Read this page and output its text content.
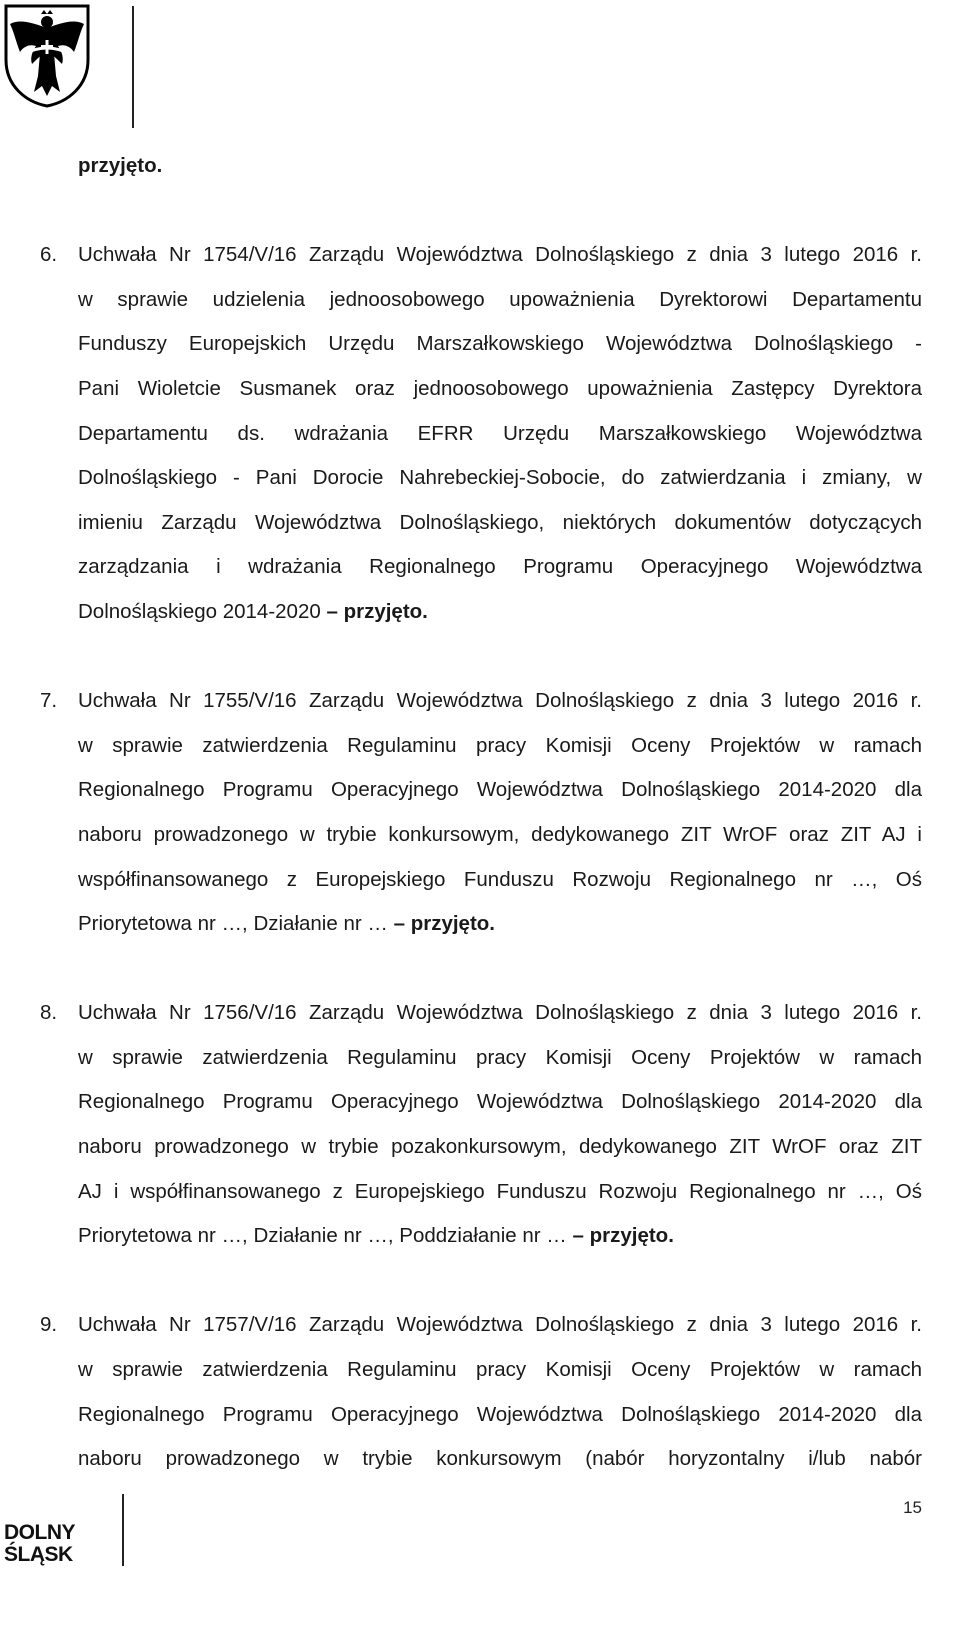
przyjęto.
6.	Uchwała Nr 1754/V/16 Zarządu Województwa Dolnośląskiego z dnia 3 lutego 2016 r.
w sprawie udzielenia jednoosobowego upoważnienia Dyrektorowi Departamentu
Funduszy Europejskich Urzędu Marszałkowskiego Województwa Dolnośląskiego -
Pani Wioletcie Susmanek oraz jednoosobowego upoważnienia Zastępcy Dyrektora
Departamentu ds. wdrażania EFRR Urzędu Marszałkowskiego Województwa
Dolnośląskiego - Pani Dorocie Nahrebeckiej-Sobocie, do zatwierdzania i zmiany, w
imieniu Zarządu Województwa Dolnośląskiego, niektórych dokumentów dotyczących
zarządzania i wdrażania Regionalnego Programu Operacyjnego Województwa
Dolnośląskiego 2014-2020 – przyjęto.
7.	Uchwała Nr 1755/V/16 Zarządu Województwa Dolnośląskiego z dnia 3 lutego 2016 r.
w sprawie zatwierdzenia Regulaminu pracy Komisji Oceny Projektów w ramach
Regionalnego Programu Operacyjnego Województwa Dolnośląskiego 2014-2020 dla
naboru prowadzonego w trybie konkursowym, dedykowanego ZIT WrOF oraz ZIT AJ i
współfinansowanego z Europejskiego Funduszu Rozwoju Regionalnego nr …, Oś
Priorytetowa nr …, Działanie nr … – przyjęto.
8.	Uchwała Nr 1756/V/16 Zarządu Województwa Dolnośląskiego z dnia 3 lutego 2016 r.
w sprawie zatwierdzenia Regulaminu pracy Komisji Oceny Projektów w ramach
Regionalnego Programu Operacyjnego Województwa Dolnośląskiego 2014-2020 dla
naboru prowadzonego w trybie pozakonkursowym, dedykowanego ZIT WrOF oraz ZIT
AJ i współfinansowanego z Europejskiego Funduszu Rozwoju Regionalnego nr …, Oś
Priorytetowa nr …, Działanie nr …, Poddziałanie nr … – przyjęto.
9.	Uchwała Nr 1757/V/16 Zarządu Województwa Dolnośląskiego z dnia 3 lutego 2016 r.
w sprawie zatwierdzenia Regulaminu pracy Komisji Oceny Projektów w ramach
Regionalnego Programu Operacyjnego Województwa Dolnośląskiego 2014-2020 dla
naboru prowadzonego w trybie konkursowym (nabór horyzontalny i/lub nabór
DOLNY
ŚLĄSK
15
